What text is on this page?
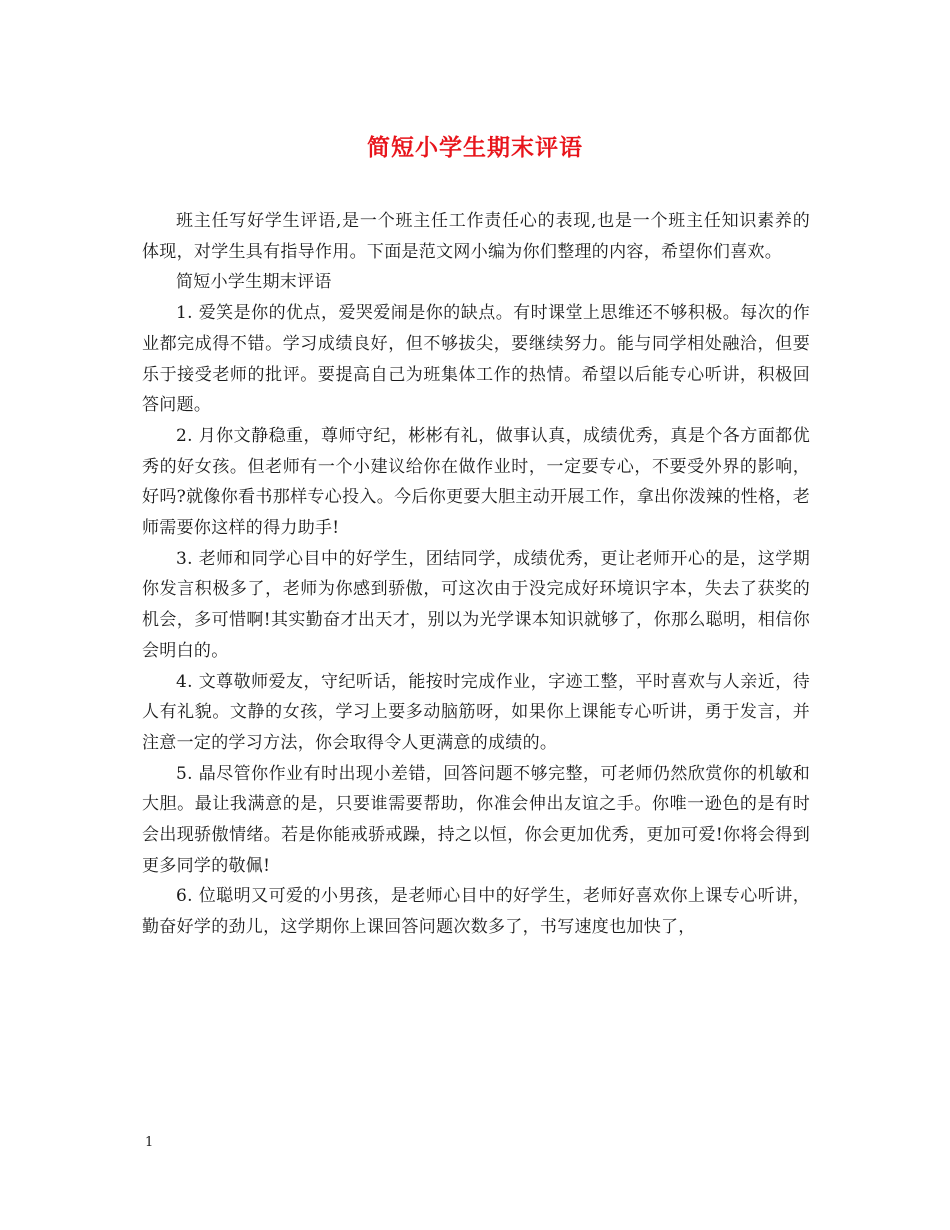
简短小学生期末评语

班主任写好学生评语,是一个班主任工作责任心的表现,也是一个班主任知识素养的体现，对学生具有指导作用。下面是范文网小编为你们整理的内容，希望你们喜欢。

简短小学生期末评语

1. 爱笑是你的优点，爱哭爱闹是你的缺点。有时课堂上思维还不够积极。每次的作业都完成得不错。学习成绩良好，但不够拔尖，要继续努力。能与同学相处融洽，但要乐于接受老师的批评。要提高自己为班集体工作的热情。希望以后能专心听讲，积极回答问题。

2. 月你文静稳重，尊师守纪，彬彬有礼，做事认真，成绩优秀，真是个各方面都优秀的好女孩。但老师有一个小建议给你在做作业时，一定要专心，不要受外界的影响，好吗?就像你看书那样专心投入。今后你更要大胆主动开展工作，拿出你泼辣的性格，老师需要你这样的得力助手!

3. 老师和同学心目中的好学生，团结同学，成绩优秀，更让老师开心的是，这学期你发言积极多了，老师为你感到骄傲，可这次由于没完成好环境识字本，失去了获奖的机会，多可惜啊!其实勤奋才出天才，别以为光学课本知识就够了，你那么聪明，相信你会明白的。

4. 文尊敬师爱友，守纪听话，能按时完成作业，字迹工整，平时喜欢与人亲近，待人有礼貌。文静的女孩，学习上要多动脑筋呀，如果你上课能专心听讲，勇于发言，并注意一定的学习方法，你会取得令人更满意的成绩的。

5. 晶尽管你作业有时出现小差错，回答问题不够完整，可老师仍然欣赏你的机敏和大胆。最让我满意的是，只要谁需要帮助，你准会伸出友谊之手。你唯一逊色的是有时会出现骄傲情绪。若是你能戒骄戒躁，持之以恒，你会更加优秀，更加可爱!你将会得到更多同学的敬佩!

6. 位聪明又可爱的小男孩，是老师心目中的好学生，老师好喜欢你上课专心听讲，勤奋好学的劲儿，这学期你上课回答问题次数多了，书写速度也加快了，

1
